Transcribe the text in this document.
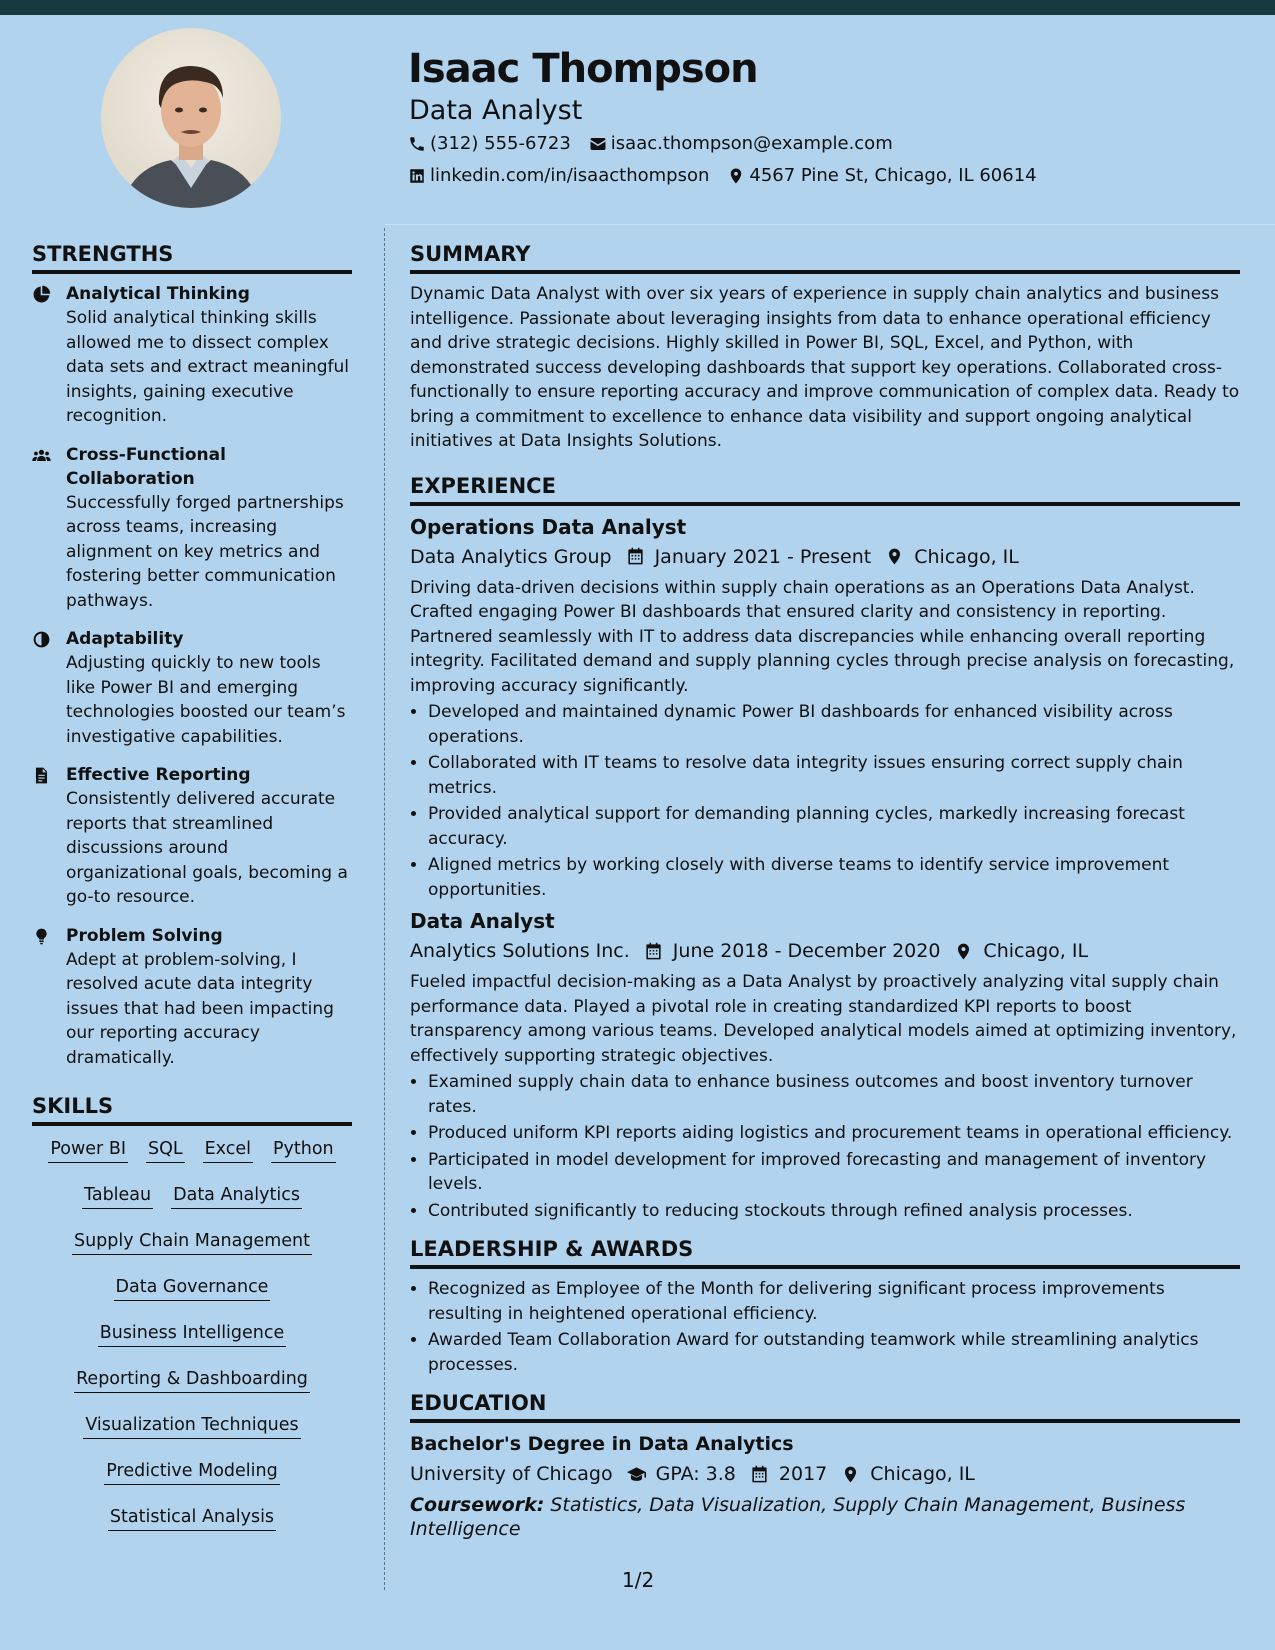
Isaac Thompson
Data Analyst
(312) 555-6723 isaac.thompson@example.com
linkedin.com/in/isaacthompson 4567 Pine St, Chicago, IL 60614
STRENGTHS
Analytical Thinking
Solid analytical thinking skills allowed me to dissect complex data sets and extract meaningful insights, gaining executive recognition.
Cross-Functional Collaboration
Successfully forged partnerships across teams, increasing alignment on key metrics and fostering better communication pathways.
Adaptability
Adjusting quickly to new tools like Power BI and emerging technologies boosted our team’s investigative capabilities.
Effective Reporting
Consistently delivered accurate reports that streamlined discussions around organizational goals, becoming a go-to resource.
Problem Solving
Adept at problem-solving, I resolved acute data integrity issues that had been impacting our reporting accuracy dramatically.
SKILLS
Power BI SQL Excel Python
Tableau Data Analytics
Supply Chain Management
Data Governance
Business Intelligence
Reporting & Dashboarding
Visualization Techniques
Predictive Modeling
Statistical Analysis
SUMMARY

Dynamic Data Analyst with over six years of experience in supply chain analytics and business intelligence. Passionate about leveraging insights from data to enhance operational efficiency and drive strategic decisions. Highly skilled in Power BI, SQL, Excel, and Python, with demonstrated success developing dashboards that support key operations. Collaborated cross-functionally to ensure reporting accuracy and improve communication of complex data. Ready to bring a commitment to excellence to enhance data visibility and support ongoing analytical initiatives at Data Insights Solutions.

EXPERIENCE
Operations Data Analyst
Data Analytics Group January 2021 - Present Chicago, IL

Driving data-driven decisions within supply chain operations as an Operations Data Analyst. Crafted engaging Power BI dashboards that ensured clarity and consistency in reporting. Partnered seamlessly with IT to address data discrepancies while enhancing overall reporting integrity. Facilitated demand and supply planning cycles through precise analysis on forecasting, improving accuracy significantly.

• Developed and maintained dynamic Power BI dashboards for enhanced visibility across operations.
• Collaborated with IT teams to resolve data integrity issues ensuring correct supply chain metrics.
• Provided analytical support for demanding planning cycles, markedly increasing forecast accuracy.
• Aligned metrics by working closely with diverse teams to identify service improvement opportunities.
Data Analyst
Analytics Solutions Inc. June 2018 - December 2020 Chicago, IL

Fueled impactful decision-making as a Data Analyst by proactively analyzing vital supply chain performance data. Played a pivotal role in creating standardized KPI reports to boost transparency among various teams. Developed analytical models aimed at optimizing inventory, effectively supporting strategic objectives.

• Examined supply chain data to enhance business outcomes and boost inventory turnover rates.
• Produced uniform KPI reports aiding logistics and procurement teams in operational efficiency.
• Participated in model development for improved forecasting and management of inventory levels.
• Contributed significantly to reducing stockouts through refined analysis processes.
LEADERSHIP & AWARDS
• Recognized as Employee of the Month for delivering significant process improvements resulting in heightened operational efficiency.
• Awarded Team Collaboration Award for outstanding teamwork while streamlining analytics processes.
EDUCATION
Bachelor's Degree in Data Analytics
University of Chicago GPA: 3.8 2017 Chicago, IL
Coursework: Statistics, Data Visualization, Supply Chain Management, Business Intelligence
1/2
